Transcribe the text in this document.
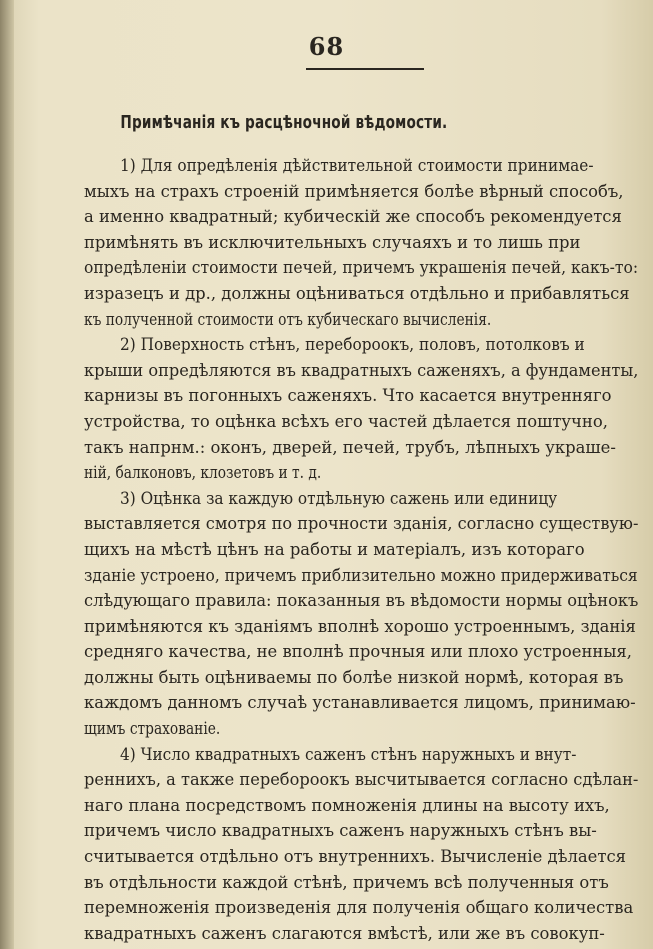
68
Примѣчанія къ расцѣночной вѣдомости.
1) Для опредѣленія дѣйствительной стоимости принимае-
мыхъ на страхъ строеній примѣняется болѣе вѣрный способъ,
а именно квадратный; кубическій же способъ рекомендуется
примѣнять въ исключительныхъ случаяхъ и то лишь при
опредѣленіи стоимости печей, причемъ украшенія печей, какъ-то:
изразецъ и др., должны оцѣниваться отдѣльно и прибавляться
къ полученной стоимости отъ кубическаго вычисленія.
2) Поверхность стѣнъ, перебороокъ, половъ, потолковъ и
крыши опредѣляются въ квадратныхъ саженяхъ, а фундаменты,
карнизы въ погонныхъ саженяхъ. Что касается внутренняго
устройства, то оцѣнка всѣхъ его частей дѣлается поштучно,
такъ напрнм.: оконъ, дверей, печей, трубъ, лѣпныхъ украше-
ній, балконовъ, клозетовъ и т. д.
3) Оцѣнка за каждую отдѣльную сажень или единицу
выставляется смотря по прочности зданія, согласно существую-
щихъ на мѣстѣ цѣнъ на работы и матеріалъ, изъ котораго
зданіе устроено, причемъ приблизительно можно придерживаться
слѣдующаго правила: показанныя въ вѣдомости нормы оцѣнокъ
примѣняются къ зданіямъ вполнѣ хорошо устроеннымъ, зданія
средняго качества, не вполнѣ прочныя или плохо устроенныя,
должны быть оцѣниваемы по болѣе низкой нормѣ, которая въ
каждомъ данномъ случаѣ устанавливается лицомъ, принимаю-
щимъ страхованіе.
4) Число квадратныхъ саженъ стѣнъ наружныхъ и внут-
реннихъ, а также перебороокъ высчитывается согласно сдѣлан-
наго плана посредствомъ помноженія длины на высоту ихъ,
причемъ число квадратныхъ саженъ наружныхъ стѣнъ вы-
считывается отдѣльно отъ внутреннихъ. Вычисленіе дѣлается
въ отдѣльности каждой стѣнѣ, причемъ всѣ полученныя отъ
перемноженія произведенія для полученія общаго количества
квадратныхъ саженъ слагаются вмѣстѣ, или же въ совокуп-
